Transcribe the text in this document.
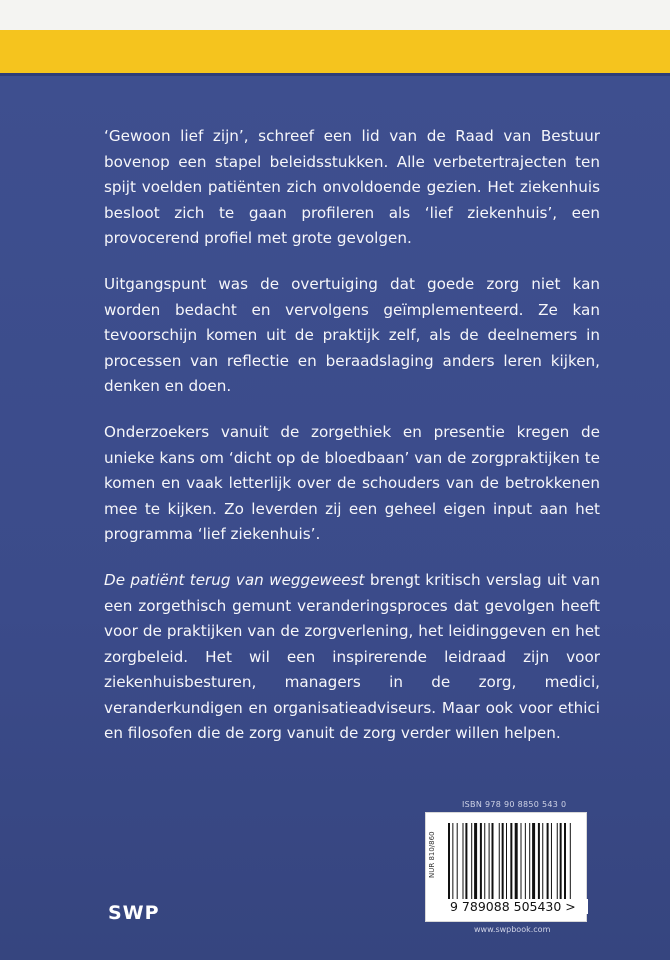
‘Gewoon lief zijn’, schreef een lid van de Raad van Bestuur bovenop een stapel beleidsstukken. Alle verbetertrajecten ten spijt voelden patiënten zich onvoldoende gezien. Het ziekenhuis besloot zich te gaan profileren als ‘lief ziekenhuis’, een provocerend profiel met grote gevolgen.

Uitgangspunt was de overtuiging dat goede zorg niet kan worden bedacht en vervolgens geïmplementeerd. Ze kan tevoorschijn komen uit de praktijk zelf, als de deelnemers in processen van reflectie en beraadslaging anders leren kijken, denken en doen.

Onderzoekers vanuit de zorgethiek en presentie kregen de unieke kans om ‘dicht op de bloedbaan’ van de zorgpraktijken te komen en vaak letterlijk over de schouders van de betrokkenen mee te kijken. Zo leverden zij een geheel eigen input aan het programma ‘lief ziekenhuis’.

De patiënt terug van weggeweest brengt kritisch verslag uit van een zorgethisch gemunt veranderingsproces dat gevolgen heeft voor de praktijken van de zorgverlening, het leidinggeven en het zorgbeleid. Het wil een inspirerende leidraad zijn voor ziekenhuisbesturen, managers in de zorg, medici, veranderkundigen en organisatieadviseurs. Maar ook voor ethici en filosofen die de zorg vanuit de zorg verder willen helpen.

ISBN 978 90 8850 543 0
9 789088 505430 >
NUR 810/860
www.swpbook.com
SWP
